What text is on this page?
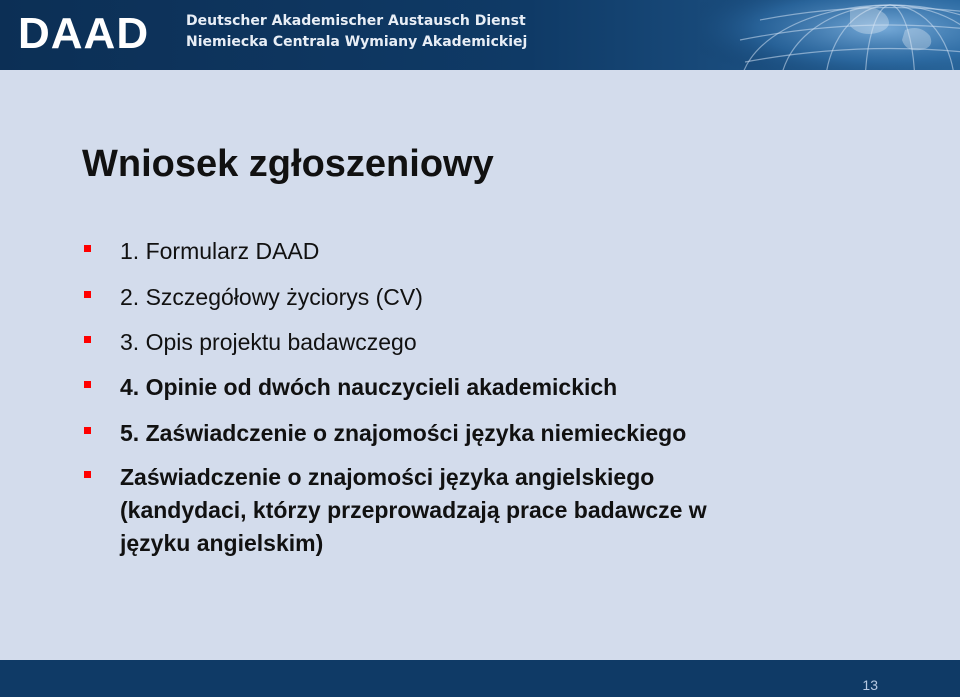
DAAD	Deutscher Akademischer Austausch Dienst
Niemiecka Centrala Wymiany Akademickiej
Wniosek zgłoszeniowy
1. Formularz DAAD
2. Szczegółowy życiorys (CV)
3. Opis projektu badawczego
4. Opinie od dwóch nauczycieli akademickich
5. Zaświadczenie o znajomości języka niemieckiego
Zaświadczenie o znajomości języka angielskiego
(kandydaci, którzy przeprowadzają prace badawcze w
języku angielskim)
13
